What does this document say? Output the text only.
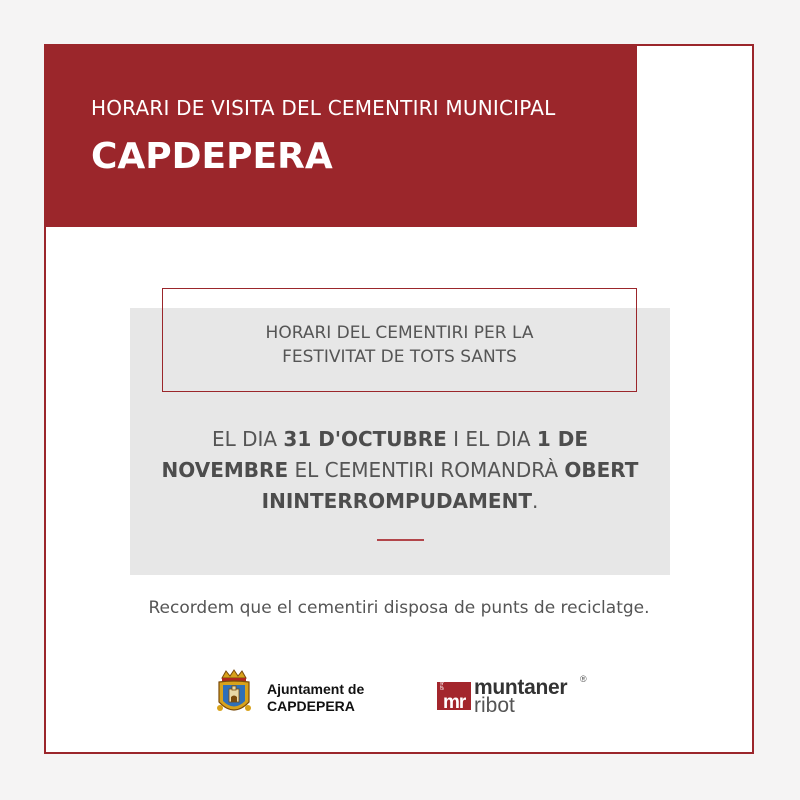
HORARI DE VISITA DEL CEMENTIRI MUNICIPAL
CAPDEPERA
HORARI DEL CEMENTIRI PER LA
FESTIVITAT DE TOTS SANTS
EL DIA 31 D'OCTUBRE I EL DIA 1 DE NOVEMBRE EL CEMENTIRI ROMANDRÀ OBERT ININTERROMPUDAMENT.
Recordem que el cementiri disposa de punts de reciclatge.
Ajuntament de
CAPDEPERA
grup
mr
muntaner
ribot
®
